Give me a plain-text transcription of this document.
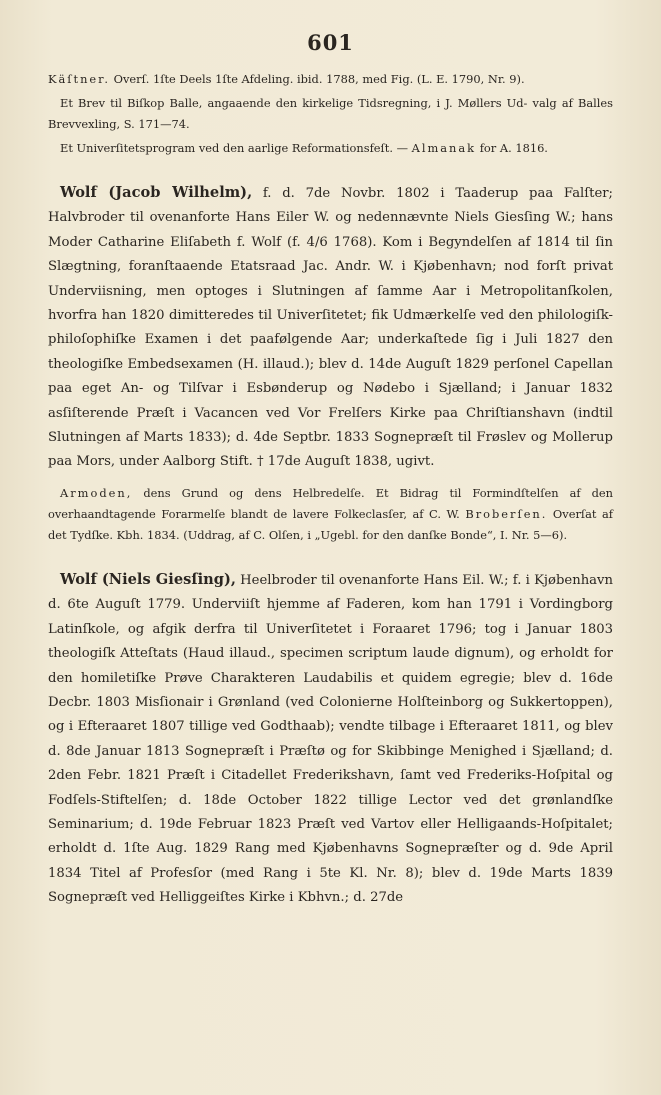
601

Käſtner. Overſ. 1ſte Deels 1ſte Afdeling. ibid. 1788, med Fig. (L. E. 1790, Nr. 9).

Et Brev til Biſkop Balle, angaaende den kirkelige Tidsregning, i J. Møllers Ud- valg af Balles Brevvexling, S. 171—74.

Et Univerſitetsprogram ved den aarlige Reformationsfeſt. — Almanak for A. 1816.

Wolf (Jacob Wilhelm), f. d. 7de Novbr. 1802 i Taaderup paa Falſter; Halvbroder til ovenanforte Hans Eiler W. og nedennævnte Niels Giesſing W.; hans Moder Catharine Eliſabeth f. Wolf (f. 4/6 1768). Kom i Begyndelſen af 1814 til ſin Slægtning, foranſtaaende Etatsraad Jac. Andr. W. i Kjøbenhavn; nod forſt privat Underviisning, men optoges i Slutningen af ſamme Aar i Metropolitanſkolen, hvorfra han 1820 dimitteredes til Univerſitetet; fik Udmærkelſe ved den philologiſk-philoſophiſke Examen i det paafølgende Aar; underkaſtede ſig i Juli 1827 den theologiſke Embedsexamen (H. illaud.); blev d. 14de Auguſt 1829 perſonel Capellan paa eget An- og Tilſvar i Esbønderup og Nødebo i Sjælland; i Januar 1832 asſiſterende Præſt i Vacancen ved Vor Frelſers Kirke paa Chriſtianshavn (indtil Slutningen af Marts 1833); d. 4de Septbr. 1833 Sognepræſt til Frøslev og Mollerup paa Mors, under Aalborg Stift. † 17de Auguſt 1838, ugivt.

Armoden, dens Grund og dens Helbredelſe. Et Bidrag til Formindſtelſen af den overhaandtagende Forarmelſe blandt de lavere Folkeclasſer, af C. W. Broberſen. Overſat af det Tydſke. Kbh. 1834. (Uddrag, af C. Olſen, i „Ugebl. for den danſke Bonde“, I. Nr. 5—6).

Wolf (Niels Giesſing), Heelbroder til ovenanforte Hans Eil. W.; f. i Kjøbenhavn d. 6te Auguſt 1779. Underviiſt hjemme af Faderen, kom han 1791 i Vordingborg Latinſkole, og afgik derfra til Univerſitetet i Foraaret 1796; tog i Januar 1803 theologiſk Atteſtats (Haud illaud., specimen scriptum laude dignum), og erholdt for den homiletiſke Prøve Charakteren Laudabilis et quidem egregie; blev d. 16de Decbr. 1803 Misſionair i Grønland (ved Colonierne Holſteinborg og Sukkertoppen), og i Efteraaret 1807 tillige ved Godthaab); vendte tilbage i Efteraaret 1811, og blev d. 8de Januar 1813 Sognepræſt i Præſtø og for Skibbinge Menighed i Sjælland; d. 2den Febr. 1821 Præſt i Citadellet Frederikshavn, ſamt ved Frederiks-Hoſpital og Fodſels-Stiftelſen; d. 18de October 1822 tillige Lector ved det grønlandſke Seminarium; d. 19de Februar 1823 Præſt ved Vartov eller Helligaands-Hoſpitalet; erholdt d. 1ſte Aug. 1829 Rang med Kjøbenhavns Sognepræſter og d. 9de April 1834 Titel af Profesſor (med Rang i 5te Kl. Nr. 8); blev d. 19de Marts 1839 Sognepræſt ved Helliggeiſtes Kirke i Kbhvn.; d. 27de
